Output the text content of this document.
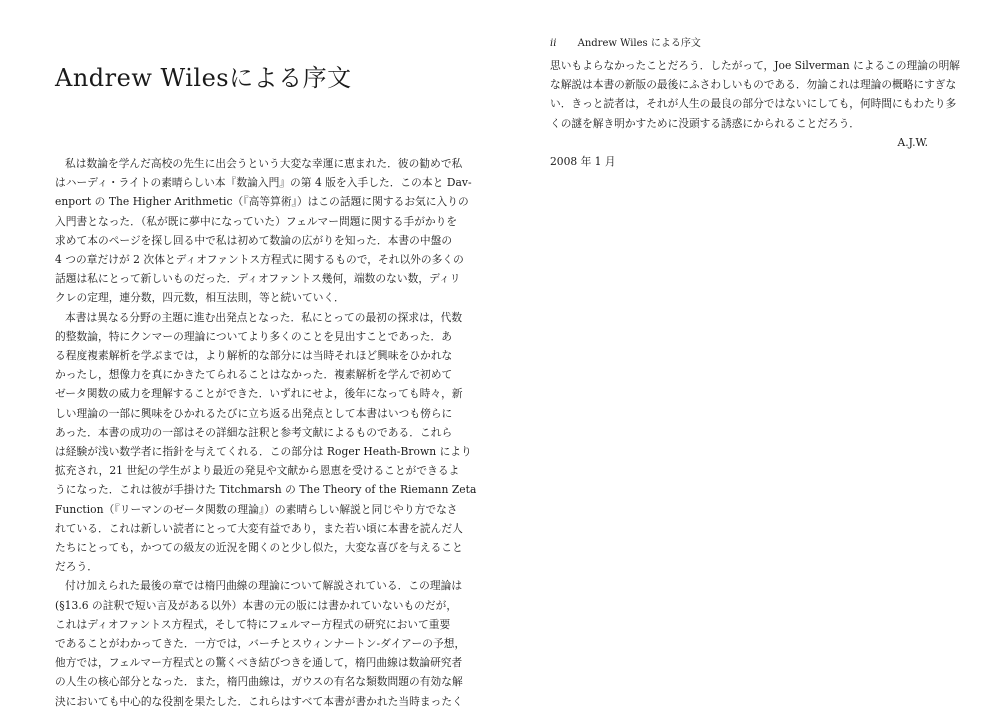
Andrew Wilesによる序文

私は数論を学んだ高校の先生に出会うという大変な幸運に恵まれた．彼の勧めで私

はハーディ・ライトの素晴らしい本『数論入門』の第 4 版を入手した．この本と Dav-

enport の The Higher Arithmetic（『高等算術』）はこの話題に関するお気に入りの

入門書となった．（私が既に夢中になっていた）フェルマー問題に関する手がかりを

求めて本のページを探し回る中で私は初めて数論の広がりを知った．本書の中盤の

4 つの章だけが 2 次体とディオファントス方程式に関するもので，それ以外の多くの

話題は私にとって新しいものだった．ディオファントス幾何，端数のない数，ディリ

クレの定理，連分数，四元数，相互法則，等と続いていく．

本書は異なる分野の主題に進む出発点となった．私にとっての最初の探求は，代数

的整数論，特にクンマーの理論についてより多くのことを見出すことであった．あ

る程度複素解析を学ぶまでは，より解析的な部分には当時それほど興味をひかれな

かったし，想像力を真にかきたてられることはなかった．複素解析を学んで初めて

ゼータ関数の威力を理解することができた．いずれにせよ，後年になっても時々，新

しい理論の一部に興味をひかれるたびに立ち返る出発点として本書はいつも傍らに

あった．本書の成功の一部はその詳細な註釈と参考文献によるものである．これら

は経験が浅い数学者に指針を与えてくれる．この部分は Roger Heath-Brown により

拡充され，21 世紀の学生がより最近の発見や文献から恩恵を受けることができるよ

うになった．これは彼が手掛けた Titchmarsh の The Theory of the Riemann Zeta

Function（『リーマンのゼータ関数の理論』）の素晴らしい解説と同じやり方でなさ

れている．これは新しい読者にとって大変有益であり，また若い頃に本書を読んだ人

たちにとっても，かつての級友の近況を聞くのと少し似た，大変な喜びを与えること

だろう．

付け加えられた最後の章では楕円曲線の理論について解説されている．この理論は

(§13.6 の註釈で短い言及がある以外）本書の元の版には書かれていないものだが，

これはディオファントス方程式，そして特にフェルマー方程式の研究において重要

であることがわかってきた．一方では，バーチとスウィンナートン-ダイアーの予想，

他方では，フェルマー方程式との驚くべき結びつきを通して，楕円曲線は数論研究者

の人生の核心部分となった．また，楕円曲線は，ガウスの有名な類数問題の有効な解

決においても中心的な役割を果たした．これらはすべて本書が書かれた当時まったく

ii Andrew Wiles による序文

思いもよらなかったことだろう．したがって，Joe Silverman によるこの理論の明解

な解説は本書の新版の最後にふさわしいものである．勿論これは理論の概略にすぎな

い．きっと読者は，それが人生の最良の部分ではないにしても，何時間にもわたり多

くの謎を解き明かすために没頭する誘惑にかられることだろう．

A.J.W.

2008 年 1 月
